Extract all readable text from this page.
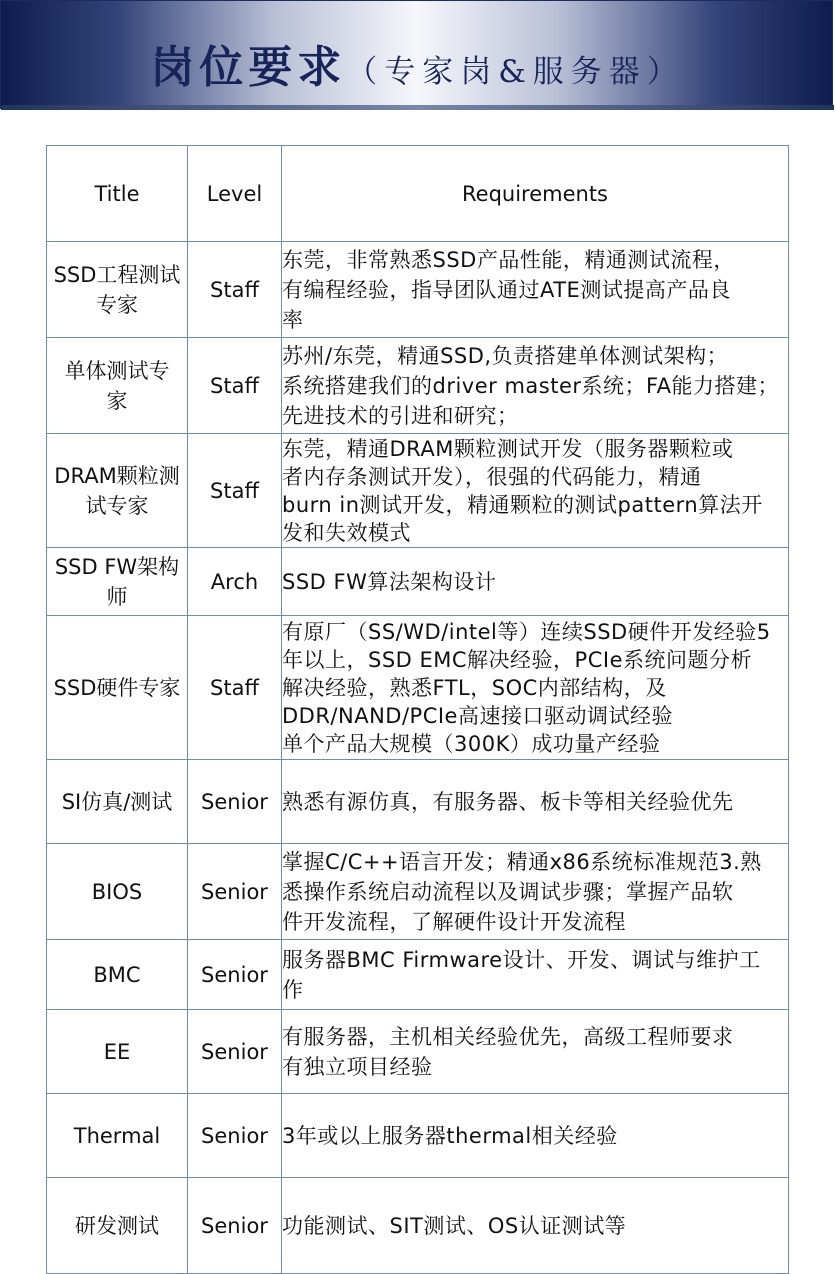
岗位要求（专家岗&服务器）
Title	Level	Requirements

SSD工程测试
专家	Staff	东莞，非常熟悉SSD产品性能，精通测试流程，
有编程经验，指导团队通过ATE测试提高产品良
率

单体测试专
家	Staff	苏州/东莞，精通SSD,负责搭建单体测试架构；
系统搭建我们的driver master系统；FA能力搭建；
先进技术的引进和研究；

DRAM颗粒测
试专家	Staff	东莞，精通DRAM颗粒测试开发（服务器颗粒或
者内存条测试开发），很强的代码能力，精通
burn in测试开发，精通颗粒的测试pattern算法开
发和失效模式

SSD FW架构
师	Arch	SSD FW算法架构设计

SSD硬件专家	Staff	有原厂（SS/WD/intel等）连续SSD硬件开发经验5
年以上，SSD EMC解决经验，PCIe系统问题分析
解决经验，熟悉FTL，SOC内部结构，及
DDR/NAND/PCIe高速接口驱动调试经验
单个产品大规模（300K）成功量产经验

SI仿真/测试	Senior	熟悉有源仿真，有服务器、板卡等相关经验优先

BIOS	Senior	掌握C/C++语言开发；精通x86系统标准规范3.熟
悉操作系统启动流程以及调试步骤；掌握产品软
件开发流程，了解硬件设计开发流程

BMC	Senior	服务器BMC Firmware设计、开发、调试与维护工
作

EE	Senior	有服务器，主机相关经验优先，高级工程师要求
有独立项目经验

Thermal	Senior	3年或以上服务器thermal相关经验

研发测试	Senior	功能测试、SIT测试、OS认证测试等
